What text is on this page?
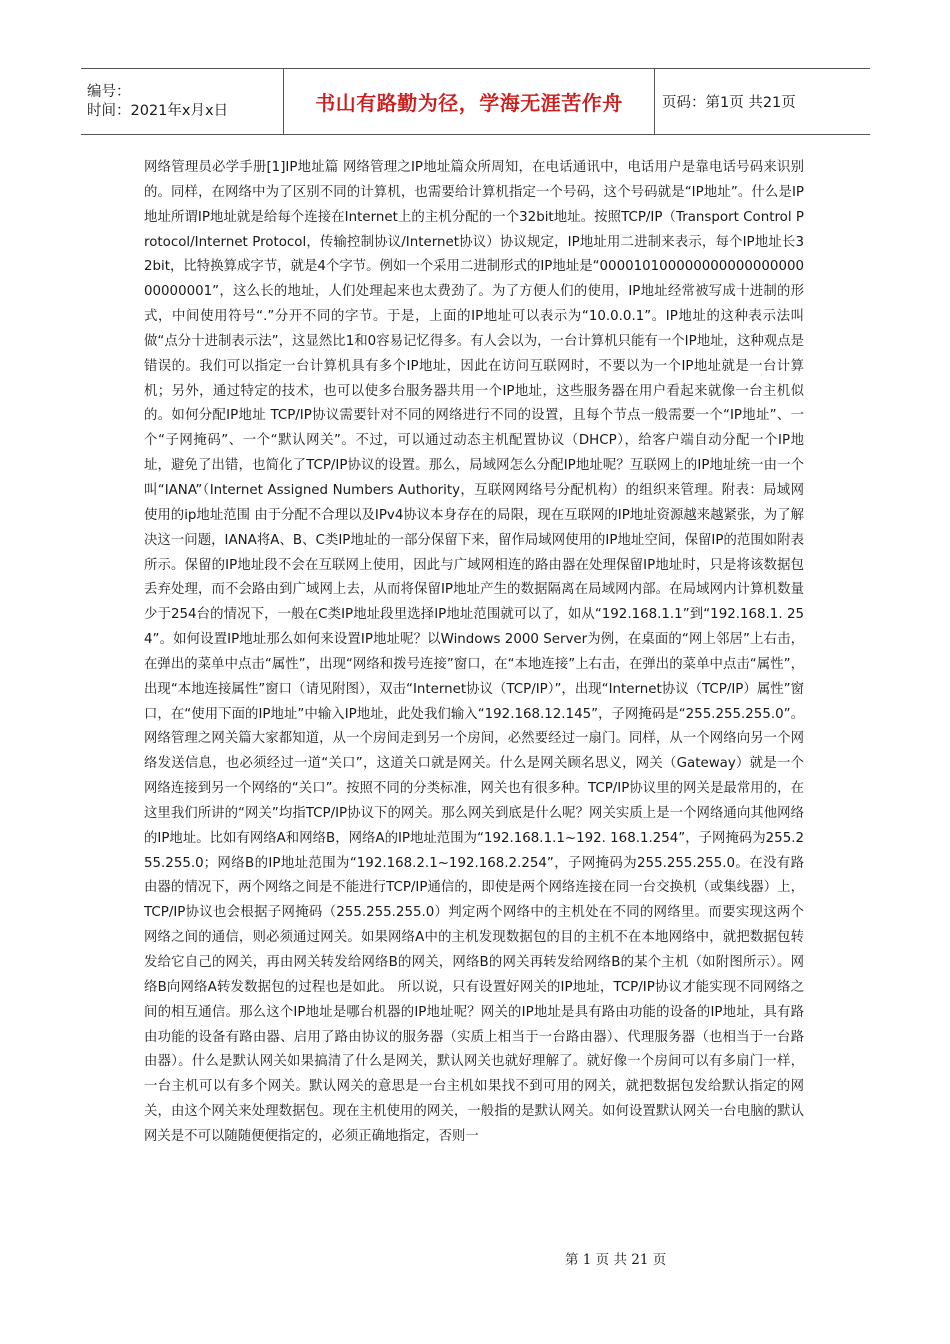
编号：
时间：2021年x月x日	书山有路勤为径，学海无涯苦作舟	页码：第1页 共21页

网络管理员必学手册[1]IP地址篇 网络管理之IP地址篇众所周知，在电话通讯中，电话用户是靠电话号码来识别的。同样，在网络中为了区别不同的计算机，也需要给计算机指定一个号码，这个号码就是“IP地址”。什么是IP地址所谓IP地址就是给每个连接在Internet上的主机分配的一个32bit地址。按照TCP/IP（Transport Control Protocol/Internet Protocol，传输控制协议/Internet协议）协议规定，IP地址用二进制来表示，每个IP地址长32bit，比特换算成字节，就是4个字节。例如一个采用二进制形式的IP地址是“00001010000000000000000000000001”，这么长的地址，人们处理起来也太费劲了。为了方便人们的使用，IP地址经常被写成十进制的形式，中间使用符号“.”分开不同的字节。于是，上面的IP地址可以表示为“10.0.0.1”。IP地址的这种表示法叫做“点分十进制表示法”，这显然比1和0容易记忆得多。有人会以为，一台计算机只能有一个IP地址，这种观点是错误的。我们可以指定一台计算机具有多个IP地址，因此在访问互联网时，不要以为一个IP地址就是一台计算机；另外，通过特定的技术，也可以使多台服务器共用一个IP地址，这些服务器在用户看起来就像一台主机似的。如何分配IP地址 TCP/IP协议需要针对不同的网络进行不同的设置，且每个节点一般需要一个“IP地址”、一个“子网掩码”、一个“默认网关”。不过，可以通过动态主机配置协议（DHCP），给客户端自动分配一个IP地址，避免了出错，也简化了TCP/IP协议的设置。那么，局域网怎么分配IP地址呢？互联网上的IP地址统一由一个叫“IANA”（Internet Assigned Numbers Authority，互联网网络号分配机构）的组织来管理。附表：局域网使用的ip地址范围 由于分配不合理以及IPv4协议本身存在的局限，现在互联网的IP地址资源越来越紧张，为了解决这一问题，IANA将A、B、C类IP地址的一部分保留下来，留作局域网使用的IP地址空间，保留IP的范围如附表所示。保留的IP地址段不会在互联网上使用，因此与广域网相连的路由器在处理保留IP地址时，只是将该数据包丢弃处理，而不会路由到广域网上去，从而将保留IP地址产生的数据隔离在局域网内部。在局域网内计算机数量少于254台的情况下，一般在C类IP地址段里选择IP地址范围就可以了，如从“192.168.1.1”到“192.168.1. 254”。如何设置IP地址那么如何来设置IP地址呢？以Windows 2000 Server为例，在桌面的“网上邻居”上右击，在弹出的菜单中点击“属性”，出现“网络和拨号连接”窗口，在“本地连接”上右击，在弹出的菜单中点击“属性”，出现“本地连接属性”窗口（请见附图），双击“Internet协议（TCP/IP）”，出现“Internet协议（TCP/IP）属性”窗口，在“使用下面的IP地址”中输入IP地址，此处我们输入“192.168.12.145”，子网掩码是“255.255.255.0”。网络管理之网关篇大家都知道，从一个房间走到另一个房间，必然要经过一扇门。同样，从一个网络向另一个网络发送信息，也必须经过一道“关口”，这道关口就是网关。什么是网关顾名思义，网关（Gateway）就是一个网络连接到另一个网络的“关口”。按照不同的分类标准，网关也有很多种。TCP/IP协议里的网关是最常用的，在这里我们所讲的“网关”均指TCP/IP协议下的网关。那么网关到底是什么呢？网关实质上是一个网络通向其他网络的IP地址。比如有网络A和网络B，网络A的IP地址范围为“192.168.1.1~192. 168.1.254”，子网掩码为255.255.255.0；网络B的IP地址范围为“192.168.2.1~192.168.2.254”，子网掩码为255.255.255.0。在没有路由器的情况下，两个网络之间是不能进行TCP/IP通信的，即使是两个网络连接在同一台交换机（或集线器）上，TCP/IP协议也会根据子网掩码（255.255.255.0）判定两个网络中的主机处在不同的网络里。而要实现这两个网络之间的通信，则必须通过网关。如果网络A中的主机发现数据包的目的主机不在本地网络中，就把数据包转发给它自己的网关，再由网关转发给网络B的网关，网络B的网关再转发给网络B的某个主机（如附图所示）。网络B向网络A转发数据包的过程也是如此。 所以说，只有设置好网关的IP地址，TCP/IP协议才能实现不同网络之间的相互通信。那么这个IP地址是哪台机器的IP地址呢？网关的IP地址是具有路由功能的设备的IP地址，具有路由功能的设备有路由器、启用了路由协议的服务器（实质上相当于一台路由器）、代理服务器（也相当于一台路由器）。什么是默认网关如果搞清了什么是网关，默认网关也就好理解了。就好像一个房间可以有多扇门一样，一台主机可以有多个网关。默认网关的意思是一台主机如果找不到可用的网关，就把数据包发给默认指定的网关，由这个网关来处理数据包。现在主机使用的网关，一般指的是默认网关。如何设置默认网关一台电脑的默认网关是不可以随随便便指定的，必须正确地指定，否则一

第 1 页 共 21 页
